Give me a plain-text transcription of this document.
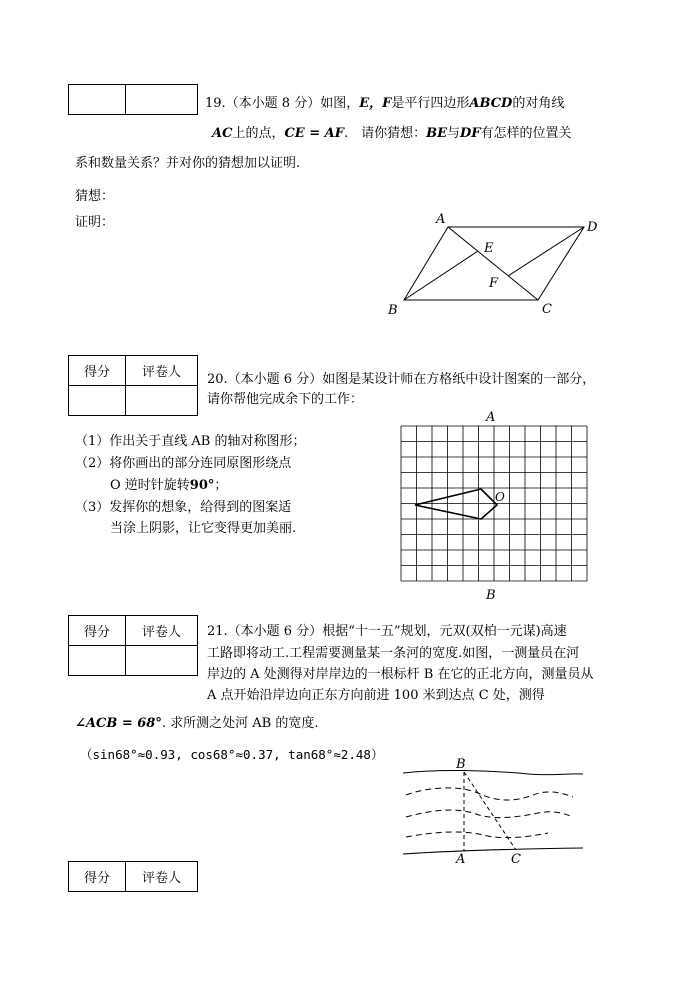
19.（本小题 8 分）如图，E，F是平行四边形ABCD的对角线
AC上的点，CE = AF.　请你猜想：BE与DF有怎样的位置关
系和数量关系？并对你的猜想加以证明.
猜想：
证明：	A
D
E
F
B	C
得分	评卷人
	20.（本小题 6 分）如图是某设计师在方格纸中设计图案的一部分，
请你帮他完成余下的工作：
（1）作出关于直线 AB 的轴对称图形；
（2）将你画出的部分连同原图形绕点
O 逆时针旋转90°；
（3）发挥你的想象，给得到的图案适
当涂上阴影，让它变得更加美丽.
A
B
O
得分	评卷人
	21.（本小题 6 分）根据“十一五”规划，元双(双柏一元谋)高速
工路即将动工.工程需要测量某一条河的宽度.如图，一测量员在河
岸边的 A 处测得对岸岸边的一根标杆 B 在它的正北方向，测量员从
A 点开始沿岸边向正东方向前进 100 米到达点 C 处，测得
∠ACB = 68°. 求所测之处河 AB 的宽度.
（sin68°≈0.93, cos68°≈0.37, tan68°≈2.48）
B
A	C
得分	评卷人
